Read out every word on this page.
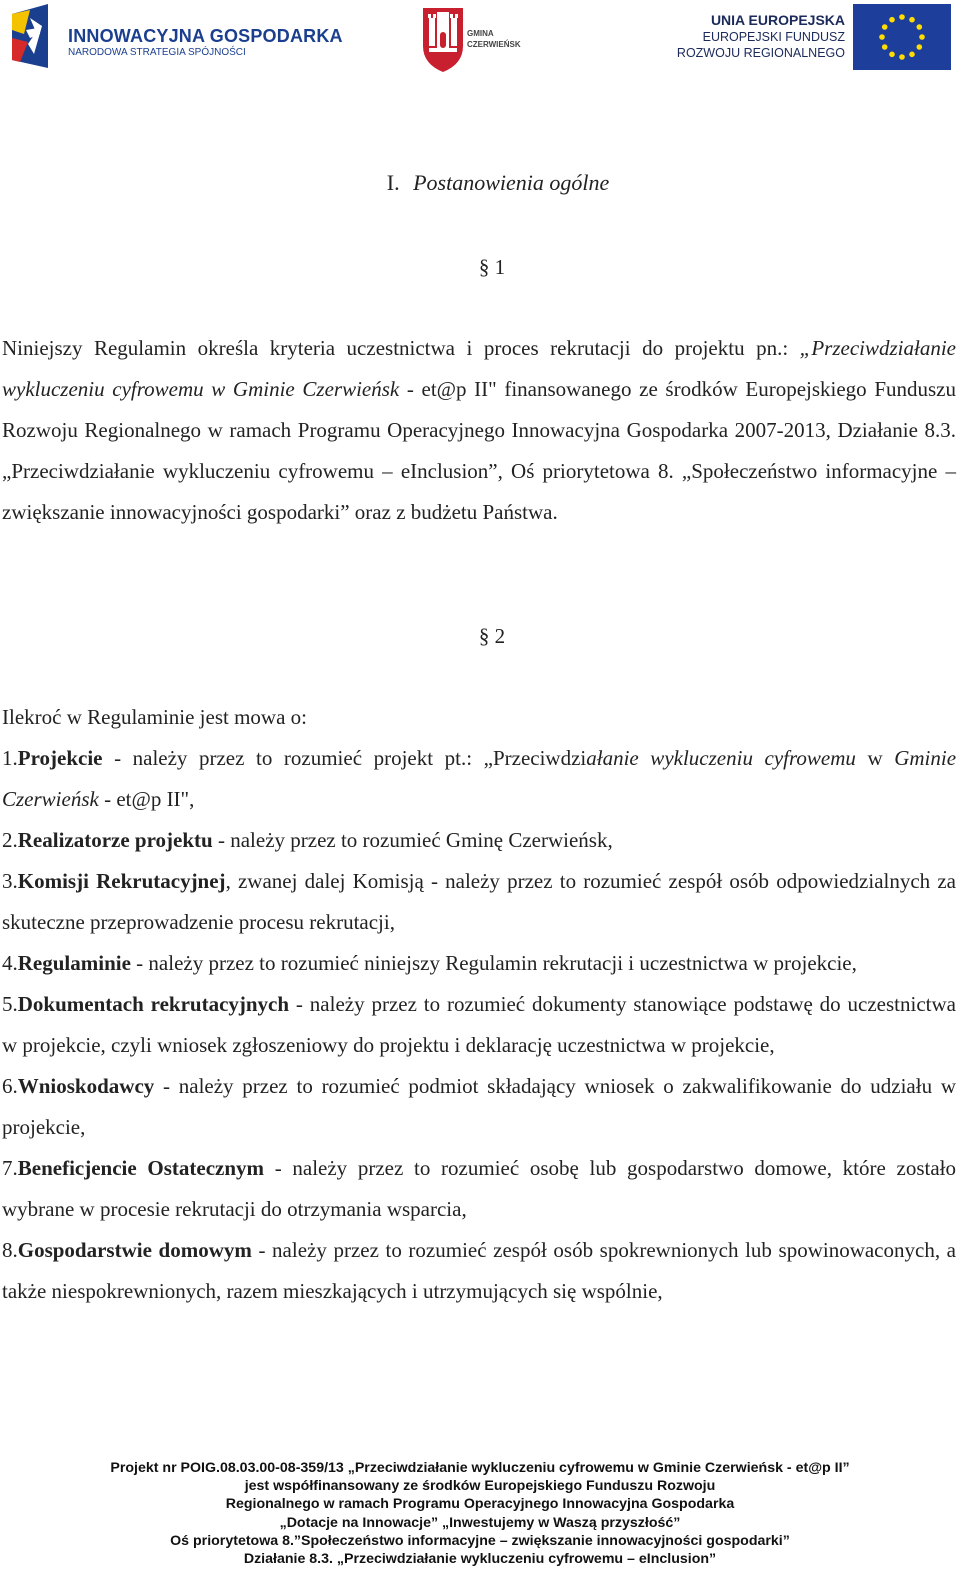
INNOWACYJNA GOSPODARKA
NARODOWA STRATEGIA SPÓJNOŚCI
GMINA
CZERWIEŃSK
UNIA EUROPEJSKA
EUROPEJSKI FUNDUSZ
ROZWOJU REGIONALNEGO
I. Postanowienia ogólne
§ 1
Niniejszy Regulamin określa kryteria uczestnictwa i proces rekrutacji do projektu pn.: „Przeciwdziałanie wykluczeniu cyfrowemu w Gminie Czerwieńsk - et@p II" finansowanego ze środków Europejskiego Funduszu Rozwoju Regionalnego w ramach Programu Operacyjnego Innowacyjna Gospodarka 2007-2013, Działanie 8.3. „Przeciwdziałanie wykluczeniu cyfrowemu – eInclusion”, Oś priorytetowa 8. „Społeczeństwo informacyjne – zwiększanie innowacyjności gospodarki” oraz z budżetu Państwa.
§ 2

Ilekroć w Regulaminie jest mowa o:

1.Projekcie - należy przez to rozumieć projekt pt.: „Przeciwdziałanie wykluczeniu cyfrowemu w Gminie Czerwieńsk - et@p II",

2.Realizatorze projektu - należy przez to rozumieć Gminę Czerwieńsk,

3.Komisji Rekrutacyjnej, zwanej dalej Komisją - należy przez to rozumieć zespół osób odpowiedzialnych za skuteczne przeprowadzenie procesu rekrutacji,

4.Regulaminie - należy przez to rozumieć niniejszy Regulamin rekrutacji i uczestnictwa w projekcie,

5.Dokumentach rekrutacyjnych - należy przez to rozumieć dokumenty stanowiące podstawę do uczestnictwa w projekcie, czyli wniosek zgłoszeniowy do projektu i deklarację uczestnictwa w projekcie,

6.Wnioskodawcy - należy przez to rozumieć podmiot składający wniosek o zakwalifikowanie do udziału w projekcie,

7.Beneficjencie Ostatecznym - należy przez to rozumieć osobę lub gospodarstwo domowe, które zostało wybrane w procesie rekrutacji do otrzymania wsparcia,

8.Gospodarstwie domowym - należy przez to rozumieć zespół osób spokrewnionych lub spowinowaconych, a także niespokrewnionych, razem mieszkających i utrzymujących się wspólnie,

Projekt nr POIG.08.03.00-08-359/13 „Przeciwdziałanie wykluczeniu cyfrowemu w Gminie Czerwieńsk - et@p II”
jest współfinansowany ze środków Europejskiego Funduszu Rozwoju
Regionalnego w ramach Programu Operacyjnego Innowacyjna Gospodarka
„Dotacje na Innowacje” „Inwestujemy w Waszą przyszłość”
Oś priorytetowa 8.”Społeczeństwo informacyjne – zwiększanie innowacyjności gospodarki”
Działanie 8.3. „Przeciwdziałanie wykluczeniu cyfrowemu – eInclusion”
